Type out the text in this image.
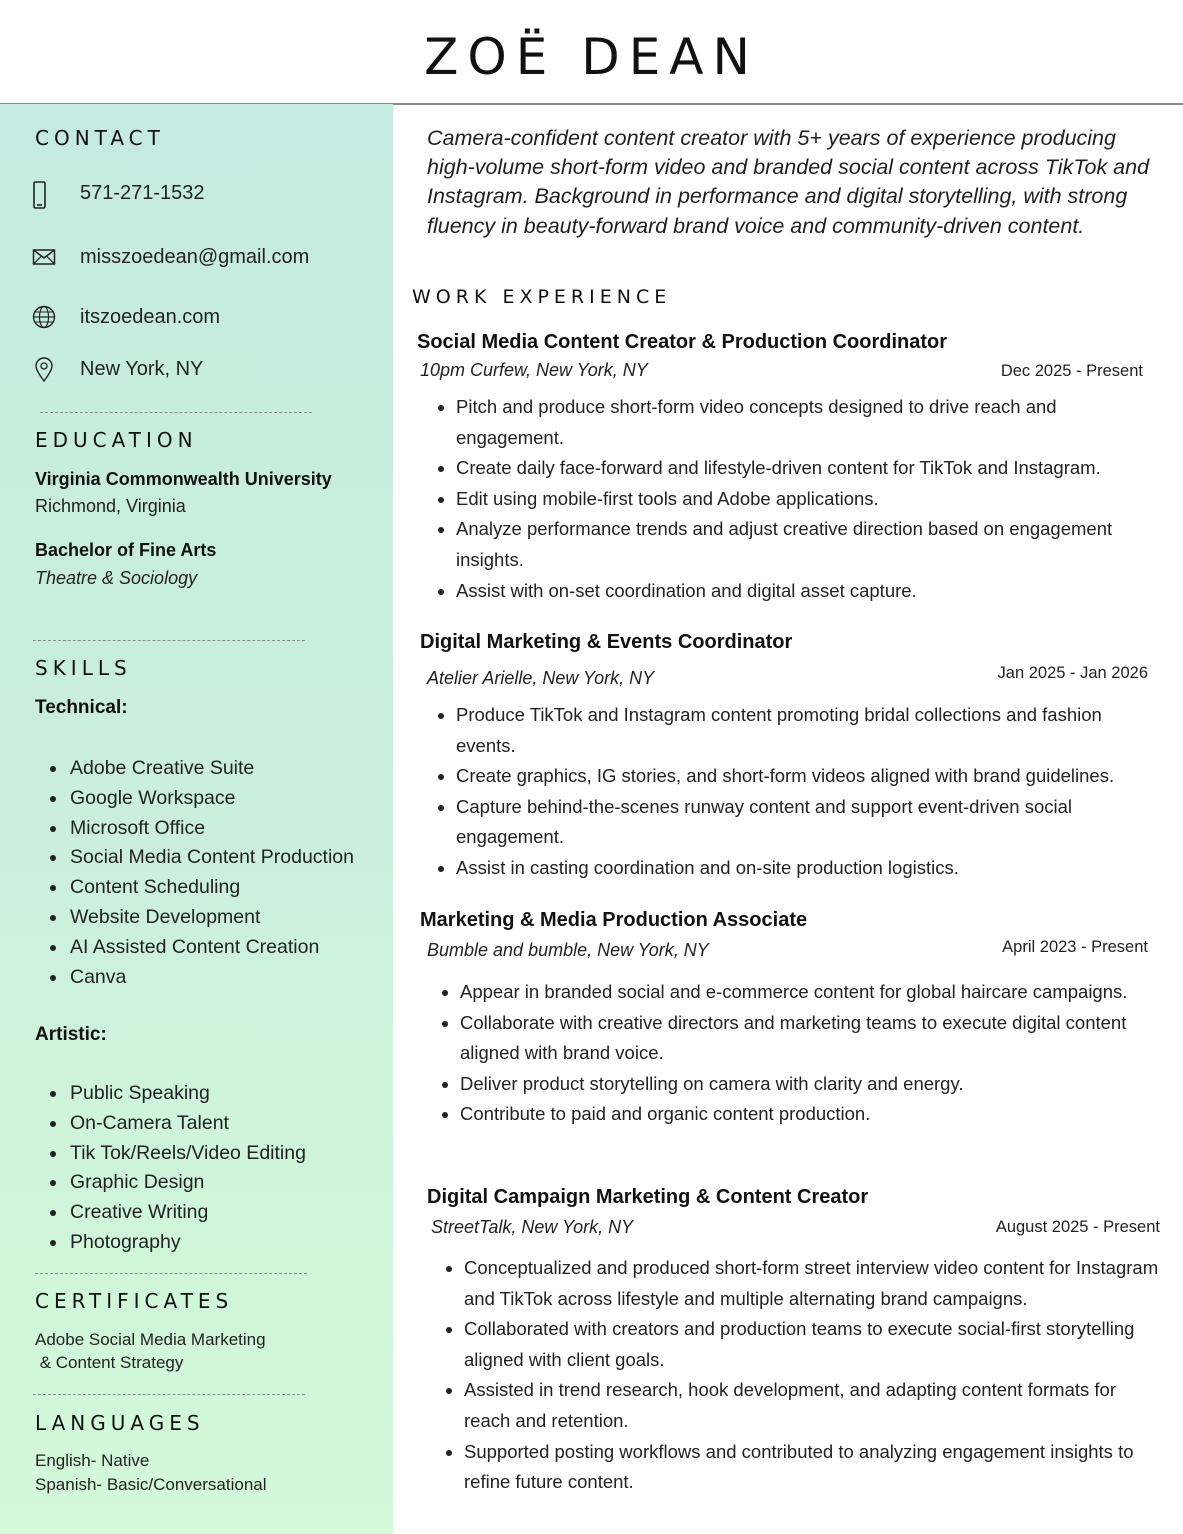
ZOË DEAN
CONTACT
571-271-1532
misszoedean@gmail.com
itszoedean.com
New York, NY
EDUCATION
Virginia Commonwealth University
Richmond, Virginia
Bachelor of Fine Arts
Theatre & Sociology
SKILLS
Technical:
Adobe Creative Suite
Google Workspace
Microsoft Office
Social Media Content Production
Content Scheduling
Website Development
AI Assisted Content Creation
Canva
Artistic:
Public Speaking
On-Camera Talent
Tik Tok/Reels/Video Editing
Graphic Design
Creative Writing
Photography
CERTIFICATES
Adobe Social Media Marketing
& Content Strategy
LANGUAGES
English- Native
Spanish- Basic/Conversational
Camera-confident content creator with 5+ years of experience producing high-volume short-form video and branded social content across TikTok and Instagram. Background in performance and digital storytelling, with strong fluency in beauty-forward brand voice and community-driven content.
WORK EXPERIENCE
Social Media Content Creator & Production Coordinator
10pm Curfew, New York, NY	Dec 2025 - Present
Pitch and produce short-form video concepts designed to drive reach and engagement.
Create daily face-forward and lifestyle-driven content for TikTok and Instagram.
Edit using mobile-first tools and Adobe applications.
Analyze performance trends and adjust creative direction based on engagement insights.
Assist with on-set coordination and digital asset capture.
Digital Marketing & Events Coordinator
Atelier Arielle, New York, NY	Jan 2025 - Jan 2026
Produce TikTok and Instagram content promoting bridal collections and fashion events.
Create graphics, IG stories, and short-form videos aligned with brand guidelines.
Capture behind-the-scenes runway content and support event-driven social engagement.
Assist in casting coordination and on-site production logistics.
Marketing & Media Production Associate
Bumble and bumble, New York, NY	April 2023 - Present
Appear in branded social and e-commerce content for global haircare campaigns.
Collaborate with creative directors and marketing teams to execute digital content aligned with brand voice.
Deliver product storytelling on camera with clarity and energy.
Contribute to paid and organic content production.
Digital Campaign Marketing & Content Creator
StreetTalk, New York, NY	August 2025 - Present
Conceptualized and produced short-form street interview video content for Instagram and TikTok across lifestyle and multiple alternating brand campaigns.
Collaborated with creators and production teams to execute social-first storytelling aligned with client goals.
Assisted in trend research, hook development, and adapting content formats for reach and retention.
Supported posting workflows and contributed to analyzing engagement insights to refine future content.
